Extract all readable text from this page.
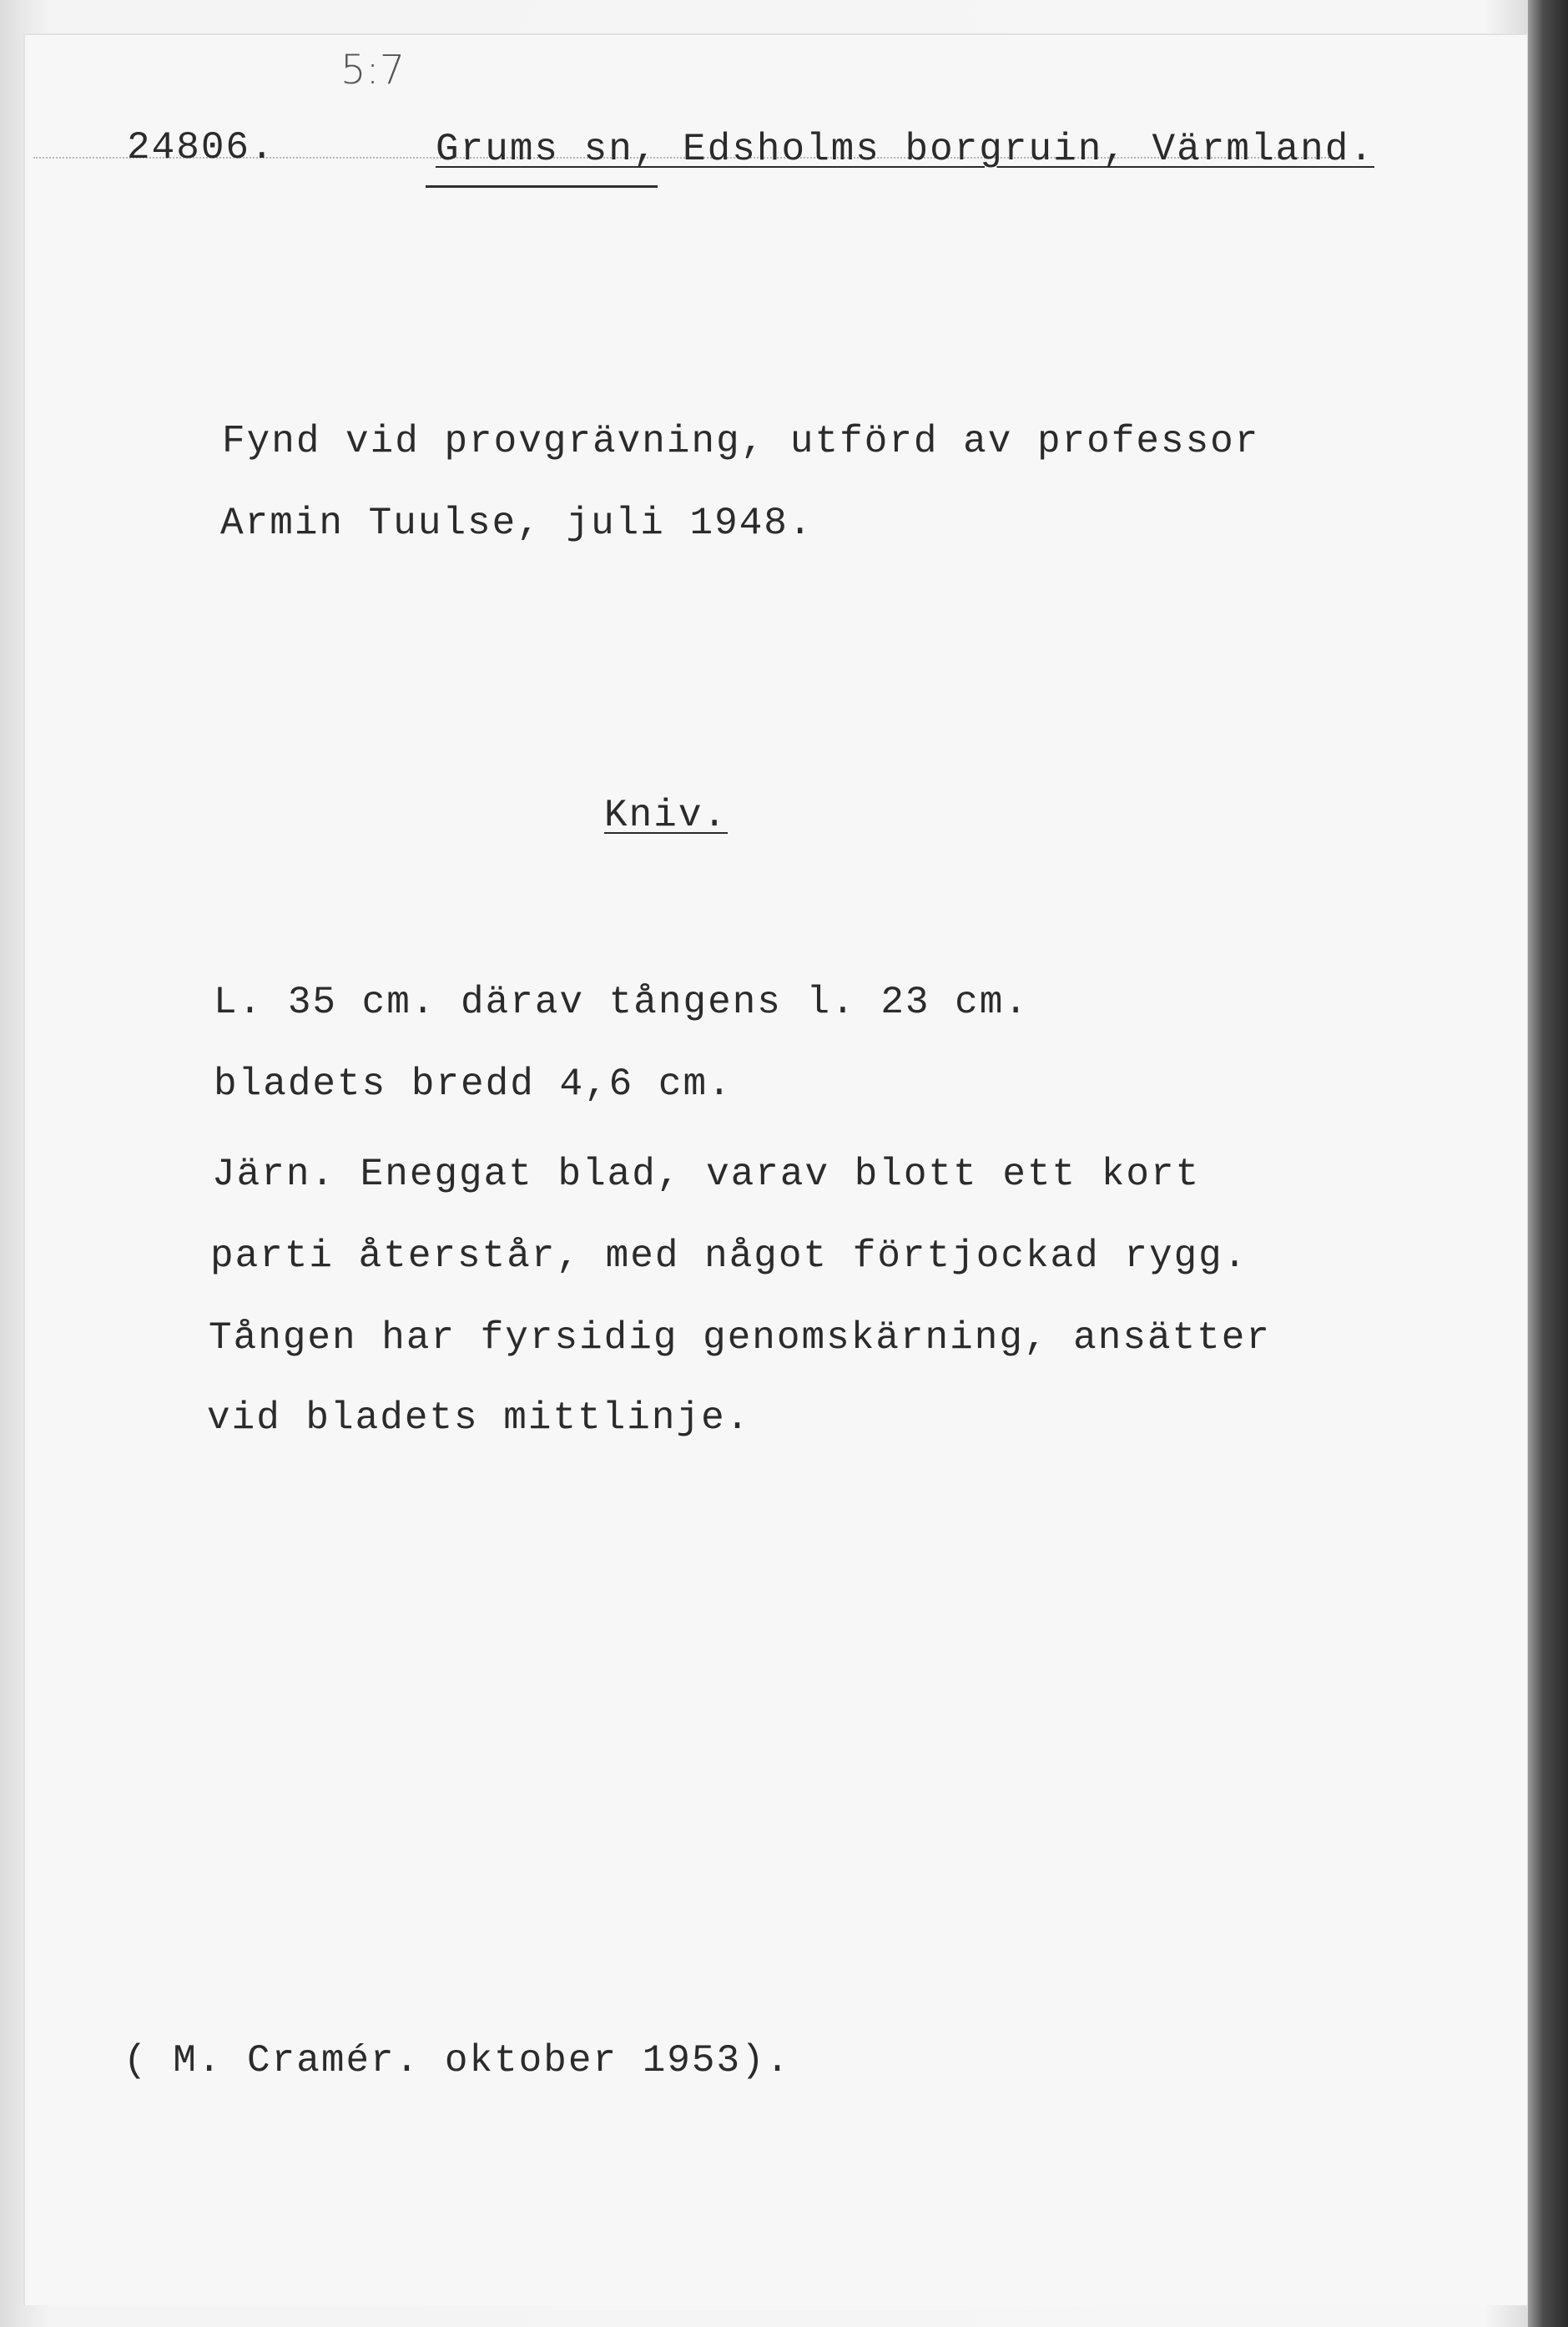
5:7
24806.	Grums sn, Edsholms borgruin, Värmland.
Fynd vid provgrävning, utförd av professor
Armin Tuulse, juli 1948.
Kniv.
L. 35 cm. därav tångens l. 23 cm.
bladets bredd 4,6 cm.
Järn. Eneggat blad, varav blott ett kort
parti återstår, med något förtjockad rygg.
Tången har fyrsidig genomskärning, ansätter
vid bladets mittlinje.
( M. Cramér. oktober 1953).
